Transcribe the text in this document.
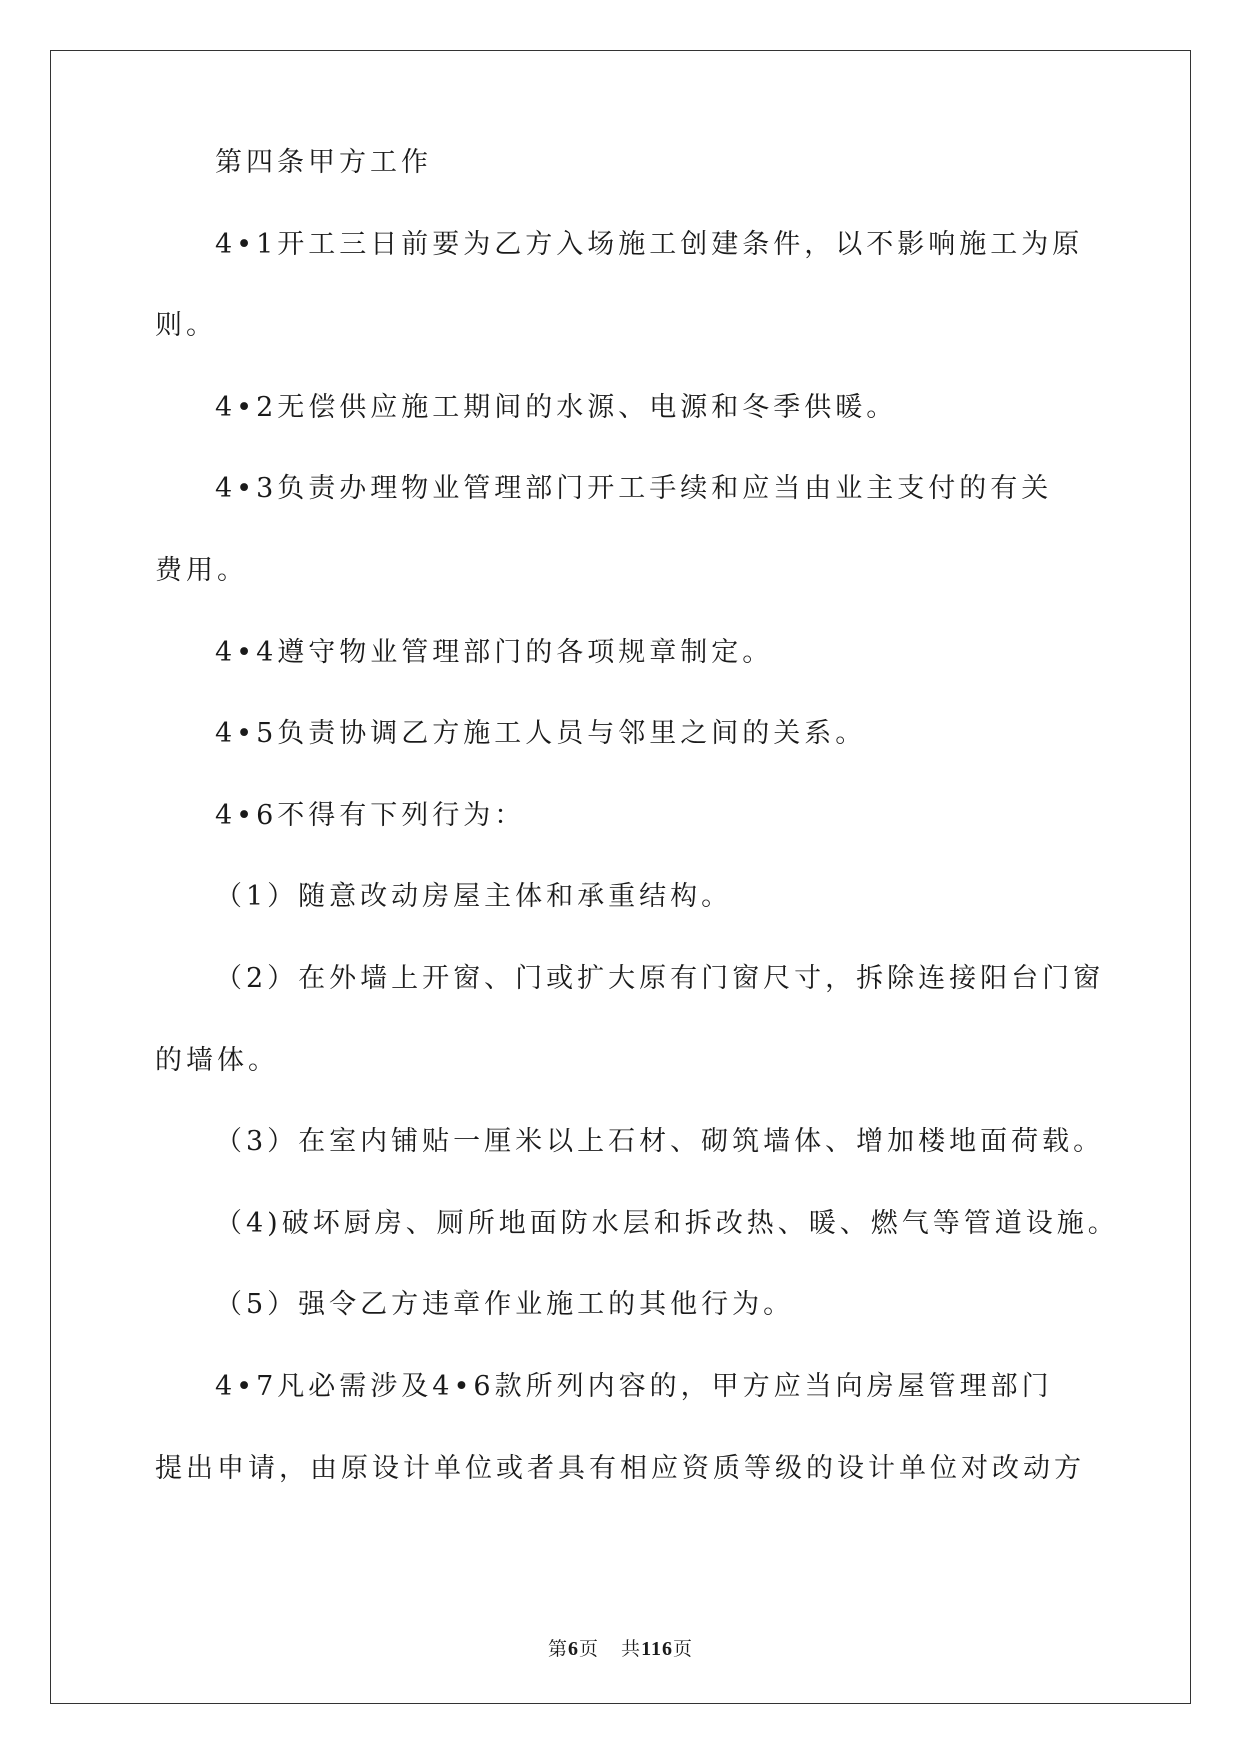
第四条甲方工作
4•1开工三日前要为乙方入场施工创建条件，以不影响施工为原
则。
4•2无偿供应施工期间的水源、电源和冬季供暖。
4•3负责办理物业管理部门开工手续和应当由业主支付的有关
费用。
4•4遵守物业管理部门的各项规章制定。
4•5负责协调乙方施工人员与邻里之间的关系。
4•6不得有下列行为：
（1）随意改动房屋主体和承重结构。
（2）在外墙上开窗、门或扩大原有门窗尺寸，拆除连接阳台门窗
的墙体。
（3）在室内铺贴一厘米以上石材、砌筑墙体、增加楼地面荷载。
（4)破坏厨房、厕所地面防水层和拆改热、暖、燃气等管道设施。
（5）强令乙方违章作业施工的其他行为。
4•7凡必需涉及4•6款所列内容的，甲方应当向房屋管理部门
提出申请，由原设计单位或者具有相应资质等级的设计单位对改动方
第6页 共116页
